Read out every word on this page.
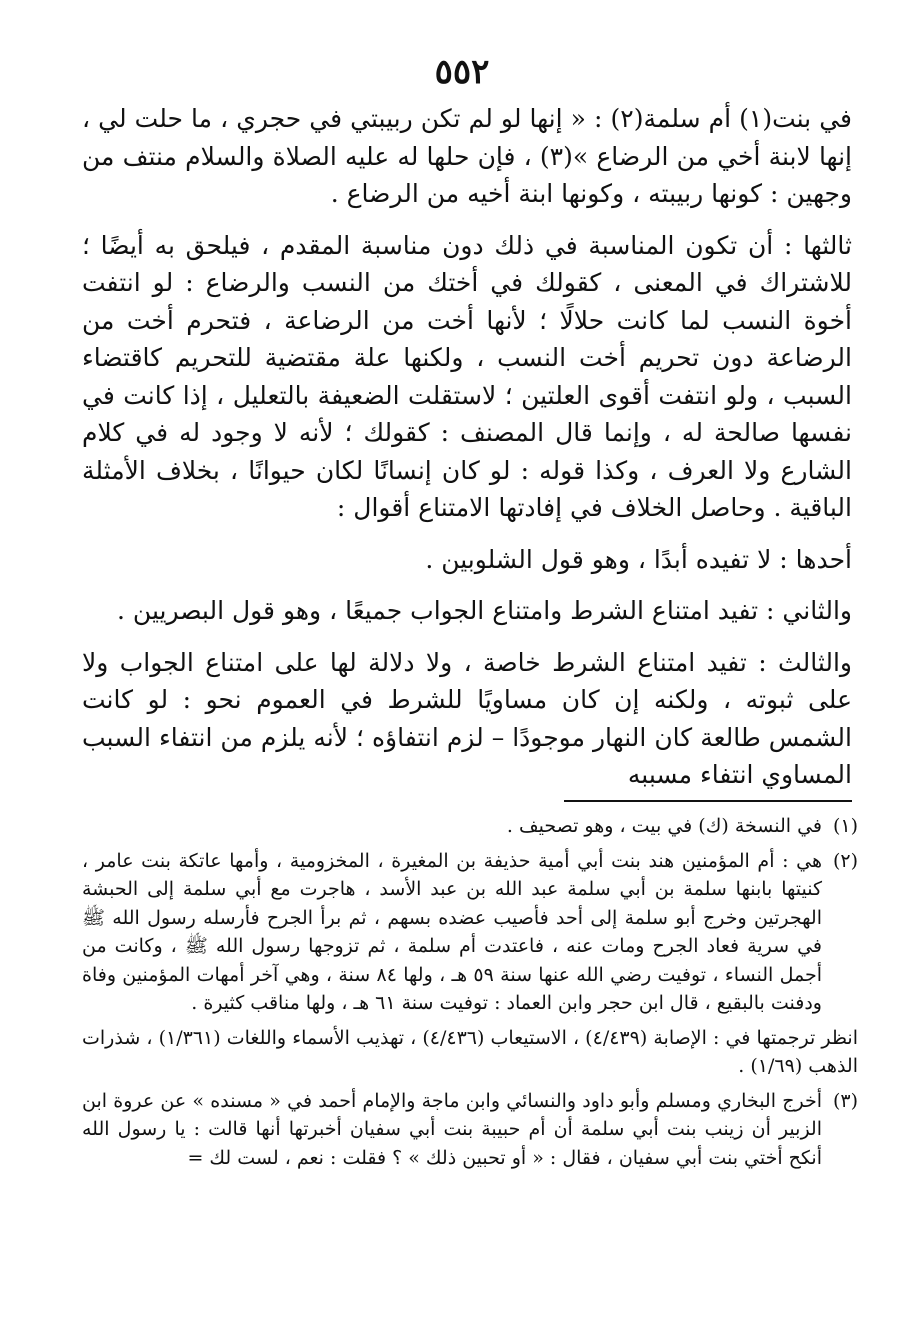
٥٥٢

في بنت(١) أم سلمة(٢) : « إنها لو لم تكن ربيبتي في حجري ، ما حلت لي ، إنها لابنة أخي من الرضاع »(٣) ، فإن حلها له عليه الصلاة والسلام منتف من وجهين : كونها ربيبته ، وكونها ابنة أخيه من الرضاع .

ثالثها : أن تكون المناسبة في ذلك دون مناسبة المقدم ، فيلحق به أيضًا ؛ للاشتراك في المعنى ، كقولك في أختك من النسب والرضاع : لو انتفت أخوة النسب لما كانت حلالًا ؛ لأنها أخت من الرضاعة ، فتحرم أخت من الرضاعة دون تحريم أخت النسب ، ولكنها علة مقتضية للتحريم كاقتضاء السبب ، ولو انتفت أقوى العلتين ؛ لاستقلت الضعيفة بالتعليل ، إذا كانت في نفسها صالحة له ، وإنما قال المصنف : كقولك ؛ لأنه لا وجود له في كلام الشارع ولا العرف ، وكذا قوله : لو كان إنسانًا لكان حيوانًا ، بخلاف الأمثلة الباقية . وحاصل الخلاف في إفادتها الامتناع أقوال :

أحدها : لا تفيده أبدًا ، وهو قول الشلوبين .

والثاني : تفيد امتناع الشرط وامتناع الجواب جميعًا ، وهو قول البصريين .

والثالث : تفيد امتناع الشرط خاصة ، ولا دلالة لها على امتناع الجواب ولا على ثبوته ، ولكنه إن كان مساويًا للشرط في العموم نحو : لو كانت الشمس طالعة كان النهار موجودًا – لزم انتفاؤه ؛ لأنه يلزم من انتفاء السبب المساوي انتفاء مسببه

(١)
في النسخة (ك) في بيت ، وهو تصحيف .
(٢)
هي : أم المؤمنين هند بنت أبي أمية حذيفة بن المغيرة ، المخزومية ، وأمها عاتكة بنت عامر ، كنيتها بابنها سلمة بن أبي سلمة عبد الله بن عبد الأسد ، هاجرت مع أبي سلمة إلى الحبشة الهجرتين وخرج أبو سلمة إلى أحد فأصيب عضده بسهم ، ثم برأ الجرح فأرسله رسول الله ﷺ في سرية فعاد الجرح ومات عنه ، فاعتدت أم سلمة ، ثم تزوجها رسول الله ﷺ ، وكانت من أجمل النساء ، توفيت رضي الله عنها سنة ٥٩ هـ ، ولها ٨٤ سنة ، وهي آخر أمهات المؤمنين وفاة ودفنت بالبقيع ، قال ابن حجر وابن العماد : توفيت سنة ٦١ هـ ، ولها مناقب كثيرة .
انظر ترجمتها في : الإصابة (٤/٤٣٩) ، الاستيعاب (٤/٤٣٦) ، تهذيب الأسماء واللغات (١/٣٦١) ، شذرات الذهب (١/٦٩) .
(٣)
أخرج البخاري ومسلم وأبو داود والنسائي وابن ماجة والإمام أحمد في « مسنده » عن عروة ابن الزبير أن زينب بنت أبي سلمة أن أم حبيبة بنت أبي سفيان أخبرتها أنها قالت : يا رسول الله أنكح أختي بنت أبي سفيان ، فقال : « أو تحبين ذلك » ؟ فقلت : نعم ، لست لك =
